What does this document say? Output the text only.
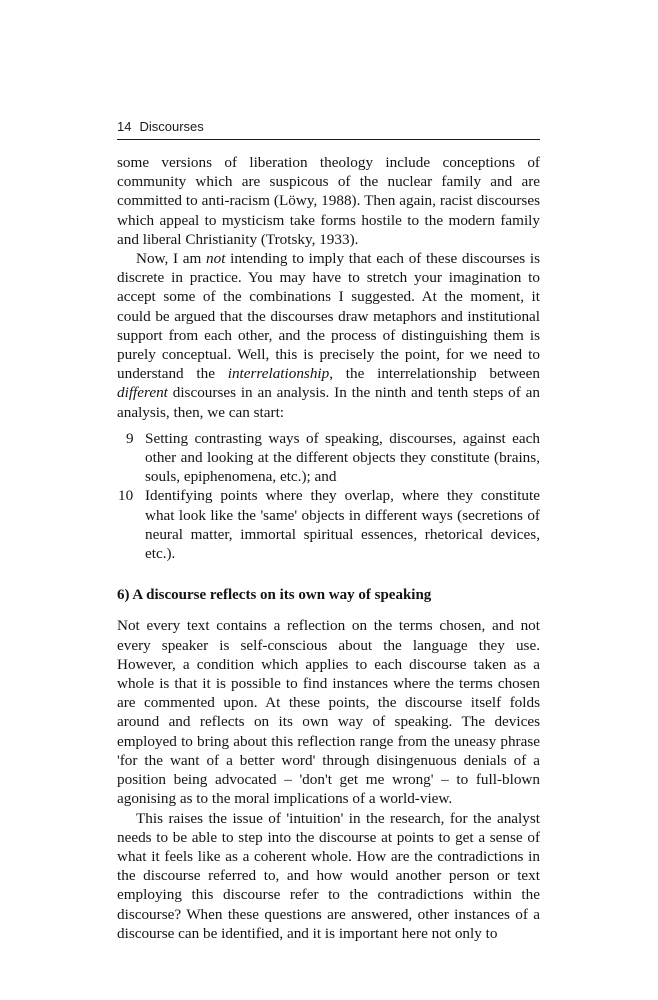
14 Discourses

some versions of liberation theology include conceptions of community which are suspicous of the nuclear family and are committed to anti-racism (Löwy, 1988). Then again, racist discourses which appeal to mysticism take forms hostile to the modern family and liberal Christianity (Trotsky, 1933).

Now, I am not intending to imply that each of these discourses is discrete in practice. You may have to stretch your imagination to accept some of the combinations I suggested. At the moment, it could be argued that the discourses draw metaphors and institutional support from each other, and the process of distinguishing them is purely conceptual. Well, this is precisely the point, for we need to understand the interrelationship, the interrelationship between different discourses in an analysis. In the ninth and tenth steps of an analysis, then, we can start:

9 Setting contrasting ways of speaking, discourses, against each other and looking at the different objects they constitute (brains, souls, epiphenomena, etc.); and
10 Identifying points where they overlap, where they constitute what look like the 'same' objects in different ways (secretions of neural matter, immortal spiritual essences, rhetorical devices, etc.).
6) A discourse reflects on its own way of speaking

Not every text contains a reflection on the terms chosen, and not every speaker is self-conscious about the language they use. However, a condition which applies to each discourse taken as a whole is that it is possible to find instances where the terms chosen are commented upon. At these points, the discourse itself folds around and reflects on its own way of speaking. The devices employed to bring about this reflection range from the uneasy phrase 'for the want of a better word' through disingenuous denials of a position being advocated – 'don't get me wrong' – to full-blown agonising as to the moral implications of a world-view.

This raises the issue of 'intuition' in the research, for the analyst needs to be able to step into the discourse at points to get a sense of what it feels like as a coherent whole. How are the contradictions in the discourse referred to, and how would another person or text employing this discourse refer to the contradictions within the discourse? When these questions are answered, other instances of a discourse can be identified, and it is important here not only to
